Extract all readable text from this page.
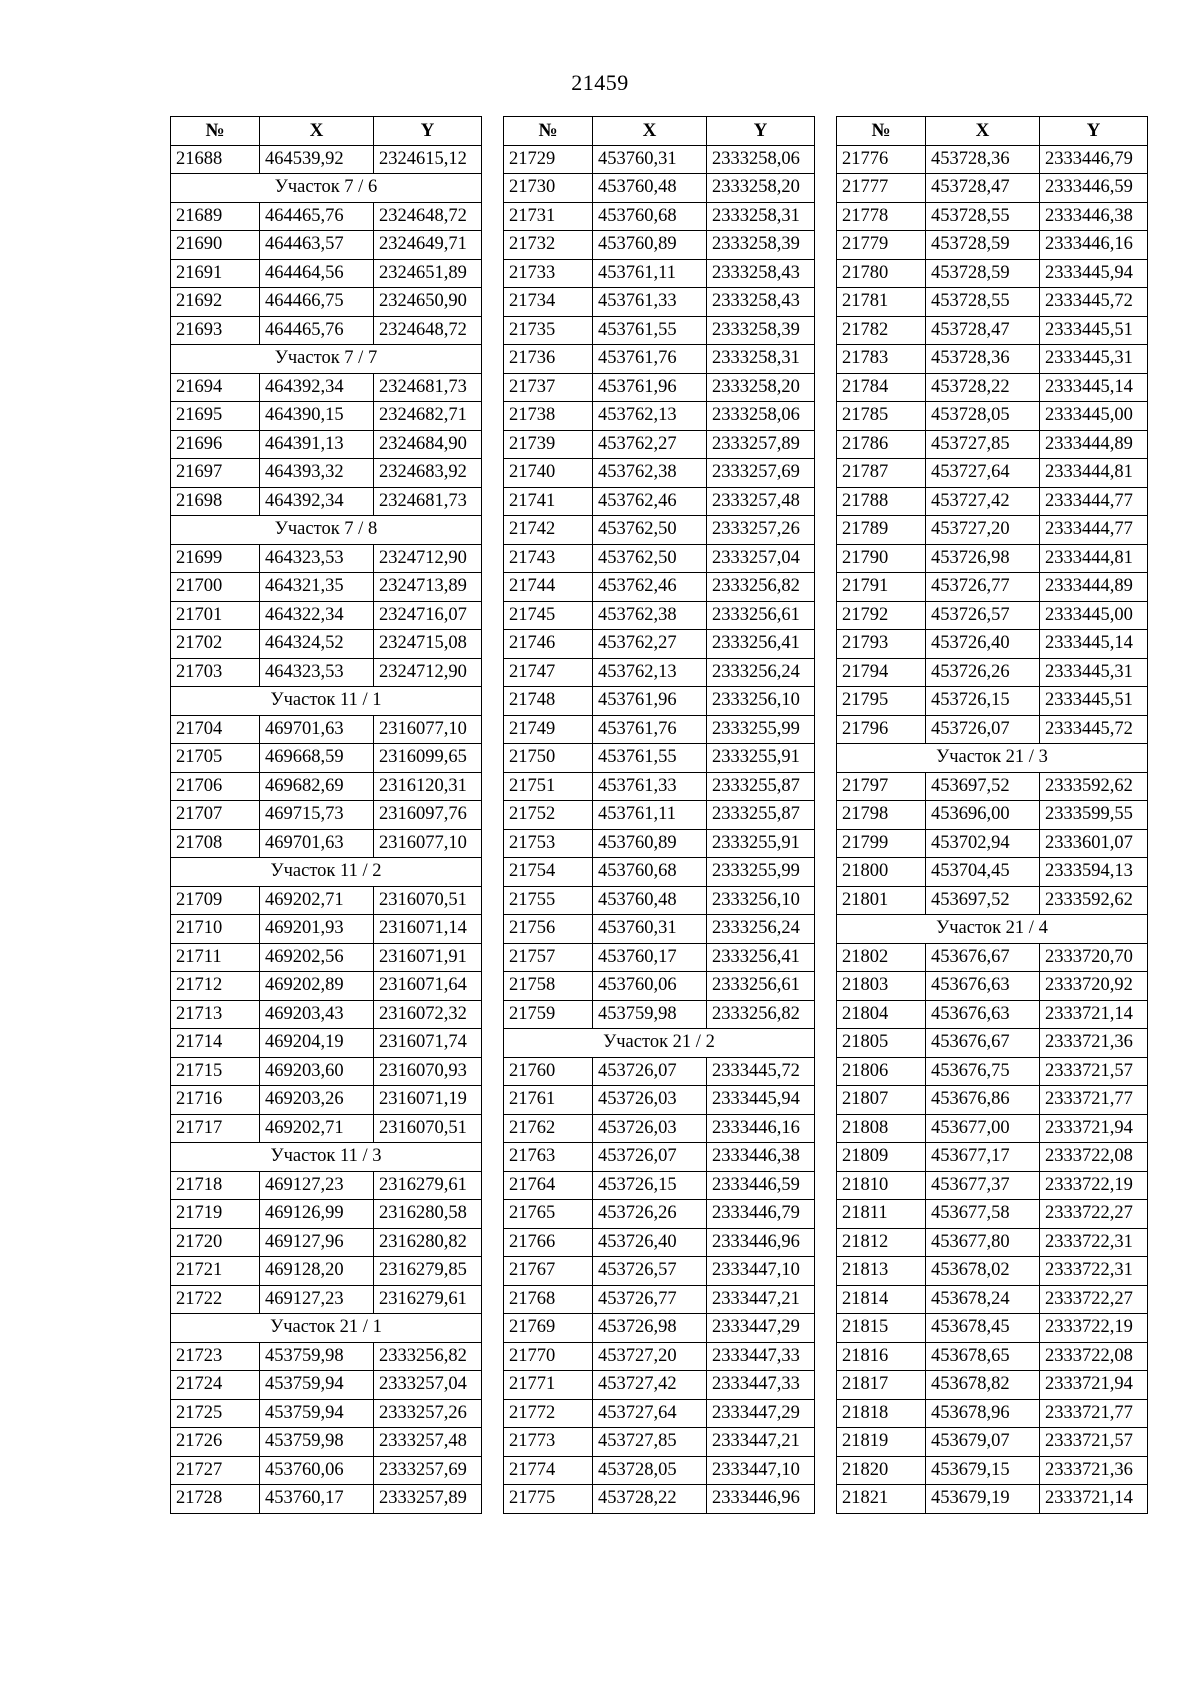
21459
№	X	Y
21688	464539,92	2324615,12
Участок 7 / 6		
21689	464465,76	2324648,72
21690	464463,57	2324649,71
21691	464464,56	2324651,89
21692	464466,75	2324650,90
21693	464465,76	2324648,72
Участок 7 / 7		
21694	464392,34	2324681,73
21695	464390,15	2324682,71
21696	464391,13	2324684,90
21697	464393,32	2324683,92
21698	464392,34	2324681,73
Участок 7 / 8		
21699	464323,53	2324712,90
21700	464321,35	2324713,89
21701	464322,34	2324716,07
21702	464324,52	2324715,08
21703	464323,53	2324712,90
Участок 11 / 1		
21704	469701,63	2316077,10
21705	469668,59	2316099,65
21706	469682,69	2316120,31
21707	469715,73	2316097,76
21708	469701,63	2316077,10
Участок 11 / 2		
21709	469202,71	2316070,51
21710	469201,93	2316071,14
21711	469202,56	2316071,91
21712	469202,89	2316071,64
21713	469203,43	2316072,32
21714	469204,19	2316071,74
21715	469203,60	2316070,93
21716	469203,26	2316071,19
21717	469202,71	2316070,51
Участок 11 / 3		
21718	469127,23	2316279,61
21719	469126,99	2316280,58
21720	469127,96	2316280,82
21721	469128,20	2316279,85
21722	469127,23	2316279,61
Участок 21 / 1		
21723	453759,98	2333256,82
21724	453759,94	2333257,04
21725	453759,94	2333257,26
21726	453759,98	2333257,48
21727	453760,06	2333257,69
21728	453760,17	2333257,89
№	X	Y
21729	453760,31	2333258,06
21730	453760,48	2333258,20
21731	453760,68	2333258,31
21732	453760,89	2333258,39
21733	453761,11	2333258,43
21734	453761,33	2333258,43
21735	453761,55	2333258,39
21736	453761,76	2333258,31
21737	453761,96	2333258,20
21738	453762,13	2333258,06
21739	453762,27	2333257,89
21740	453762,38	2333257,69
21741	453762,46	2333257,48
21742	453762,50	2333257,26
21743	453762,50	2333257,04
21744	453762,46	2333256,82
21745	453762,38	2333256,61
21746	453762,27	2333256,41
21747	453762,13	2333256,24
21748	453761,96	2333256,10
21749	453761,76	2333255,99
21750	453761,55	2333255,91
21751	453761,33	2333255,87
21752	453761,11	2333255,87
21753	453760,89	2333255,91
21754	453760,68	2333255,99
21755	453760,48	2333256,10
21756	453760,31	2333256,24
21757	453760,17	2333256,41
21758	453760,06	2333256,61
21759	453759,98	2333256,82
Участок 21 / 2		
21760	453726,07	2333445,72
21761	453726,03	2333445,94
21762	453726,03	2333446,16
21763	453726,07	2333446,38
21764	453726,15	2333446,59
21765	453726,26	2333446,79
21766	453726,40	2333446,96
21767	453726,57	2333447,10
21768	453726,77	2333447,21
21769	453726,98	2333447,29
21770	453727,20	2333447,33
21771	453727,42	2333447,33
21772	453727,64	2333447,29
21773	453727,85	2333447,21
21774	453728,05	2333447,10
21775	453728,22	2333446,96
№	X	Y
21776	453728,36	2333446,79
21777	453728,47	2333446,59
21778	453728,55	2333446,38
21779	453728,59	2333446,16
21780	453728,59	2333445,94
21781	453728,55	2333445,72
21782	453728,47	2333445,51
21783	453728,36	2333445,31
21784	453728,22	2333445,14
21785	453728,05	2333445,00
21786	453727,85	2333444,89
21787	453727,64	2333444,81
21788	453727,42	2333444,77
21789	453727,20	2333444,77
21790	453726,98	2333444,81
21791	453726,77	2333444,89
21792	453726,57	2333445,00
21793	453726,40	2333445,14
21794	453726,26	2333445,31
21795	453726,15	2333445,51
21796	453726,07	2333445,72
Участок 21 / 3		
21797	453697,52	2333592,62
21798	453696,00	2333599,55
21799	453702,94	2333601,07
21800	453704,45	2333594,13
21801	453697,52	2333592,62
Участок 21 / 4		
21802	453676,67	2333720,70
21803	453676,63	2333720,92
21804	453676,63	2333721,14
21805	453676,67	2333721,36
21806	453676,75	2333721,57
21807	453676,86	2333721,77
21808	453677,00	2333721,94
21809	453677,17	2333722,08
21810	453677,37	2333722,19
21811	453677,58	2333722,27
21812	453677,80	2333722,31
21813	453678,02	2333722,31
21814	453678,24	2333722,27
21815	453678,45	2333722,19
21816	453678,65	2333722,08
21817	453678,82	2333721,94
21818	453678,96	2333721,77
21819	453679,07	2333721,57
21820	453679,15	2333721,36
21821	453679,19	2333721,14
